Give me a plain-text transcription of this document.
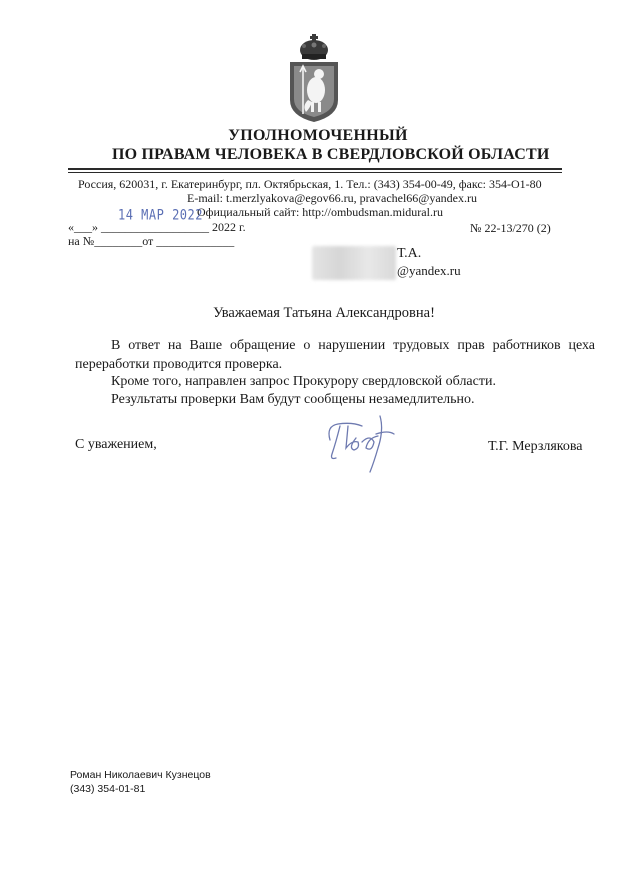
УПОЛНОМОЧЕННЫЙ
ПО ПРАВАМ ЧЕЛОВЕКА В СВЕРДЛОВСКОЙ ОБЛАСТИ
Россия, 620031, г. Екатеринбург, пл. Октябрьская, 1. Тел.: (343) 354-00-49, факс: 354-О1-80
E-mail: t.merzlyakova@egov66.ru, pravachel66@yandex.ru
Официальный сайт: http://ombudsman.midural.ru
14 MAP 2022
«___» __________________ 2022 г.
на №________от _____________
№ 22-13/270 (2)
Т.А.
@yandex.ru
Уважаемая Татьяна Александровна!
В ответ на Ваше обращение о нарушении трудовых прав работников цеха переработки проводится проверка.
Кроме того, направлен запрос Прокурору свердловской области.
Результаты проверки Вам будут сообщены незамедлительно.
С уважением,	Т.Г. Мерзлякова
Роман Николаевич Кузнецов
(343) 354-01-81
